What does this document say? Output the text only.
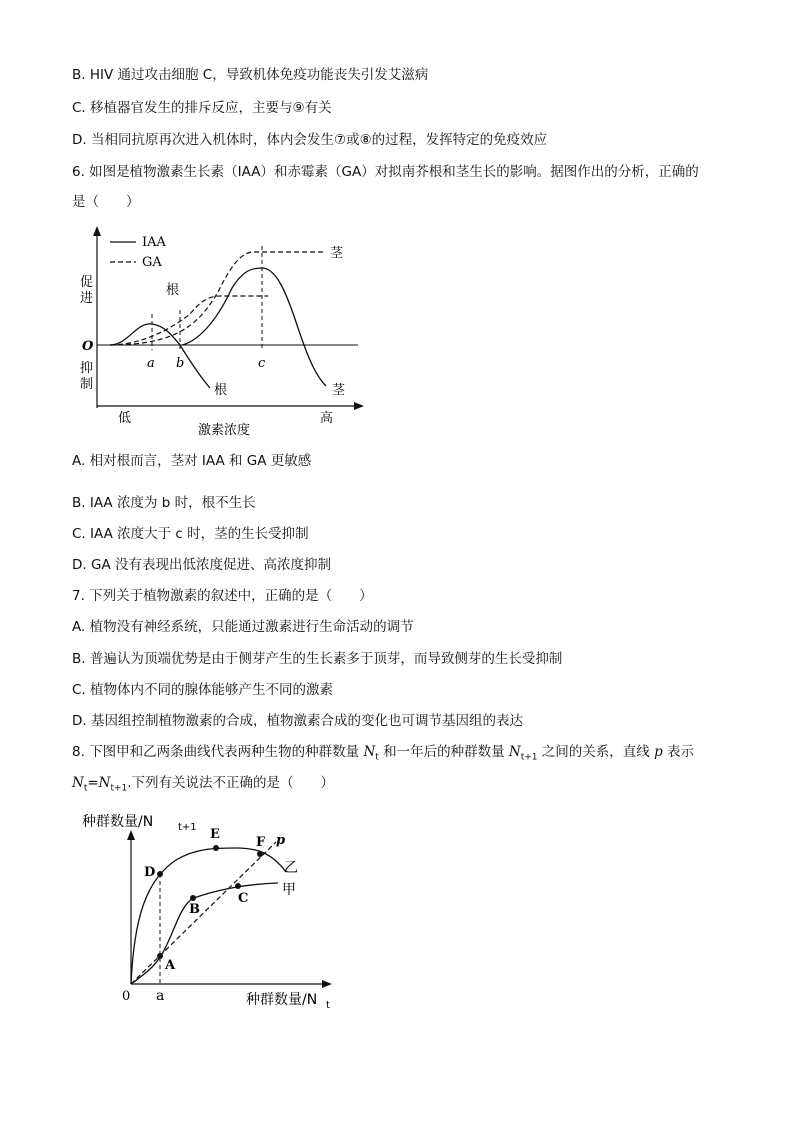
B. HIV 通过攻击细胞 C，导致机体免疫功能丧失引发艾滋病
C. 移植器官发生的排斥反应，主要与⑨有关
D. 当相同抗原再次进入机体时，体内会发生⑦或⑧的过程，发挥特定的免疫效应
6. 如图是植物激素生长素（IAA）和赤霉素（GA）对拟南芥根和茎生长的影响。据图作出的分析，正确的
是（　　）
IAA
GA
促
进
抑
制
O
低	高
激素浓度
a b	c
根
根
茎
茎
A. 相对根而言，茎对 IAA 和 GA 更敏感
B. IAA 浓度为 b 时，根不生长
C. IAA 浓度大于 c 时，茎的生长受抑制
D. GA 没有表现出低浓度促进、高浓度抑制
7. 下列关于植物激素的叙述中，正确的是（　　）
A. 植物没有神经系统，只能通过激素进行生命活动的调节
B. 普遍认为顶端优势是由于侧芽产生的生长素多于顶芽，而导致侧芽的生长受抑制
C. 植物体内不同的腺体能够产生不同的激素
D. 基因组控制植物激素的合成，植物激素合成的变化也可调节基因组的表达
8. 下图甲和乙两条曲线代表两种生物的种群数量 $N_t$ 和一年后的种群数量 $N_{t+1}$ 之间的关系，直线 p 表示
$N_t=N_{t+1}$.下列有关说法不正确的是（　　）
种群数量/N t+1
0 a	种群数量/N t
p
乙
甲
A
B
C
D
E
F
